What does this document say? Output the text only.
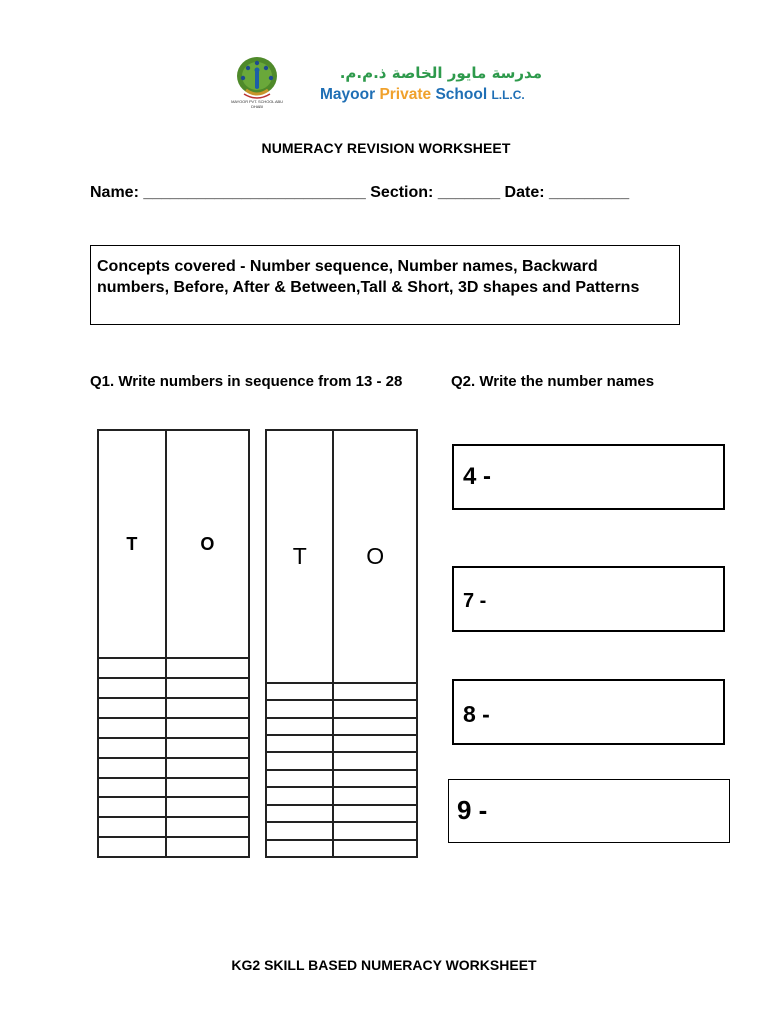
MAYOOR PVT. SCHOOL ABU DHABI
مدرسة مايور الخاصة ذ.م.م.
Mayoor Private School L.L.C.
NUMERACY REVISION WORKSHEET
Name: _________________________ Section: _______ Date: _________
Concepts covered - Number sequence, Number names, Backward numbers, Before, After & Between,Tall & Short, 3D shapes and Patterns
Q1. Write numbers in sequence from 13 - 28	Q2. Write the number names
T	O

		T	O

4 -
7 -
8 -
9 -
KG2 SKILL BASED NUMERACY WORKSHEET
